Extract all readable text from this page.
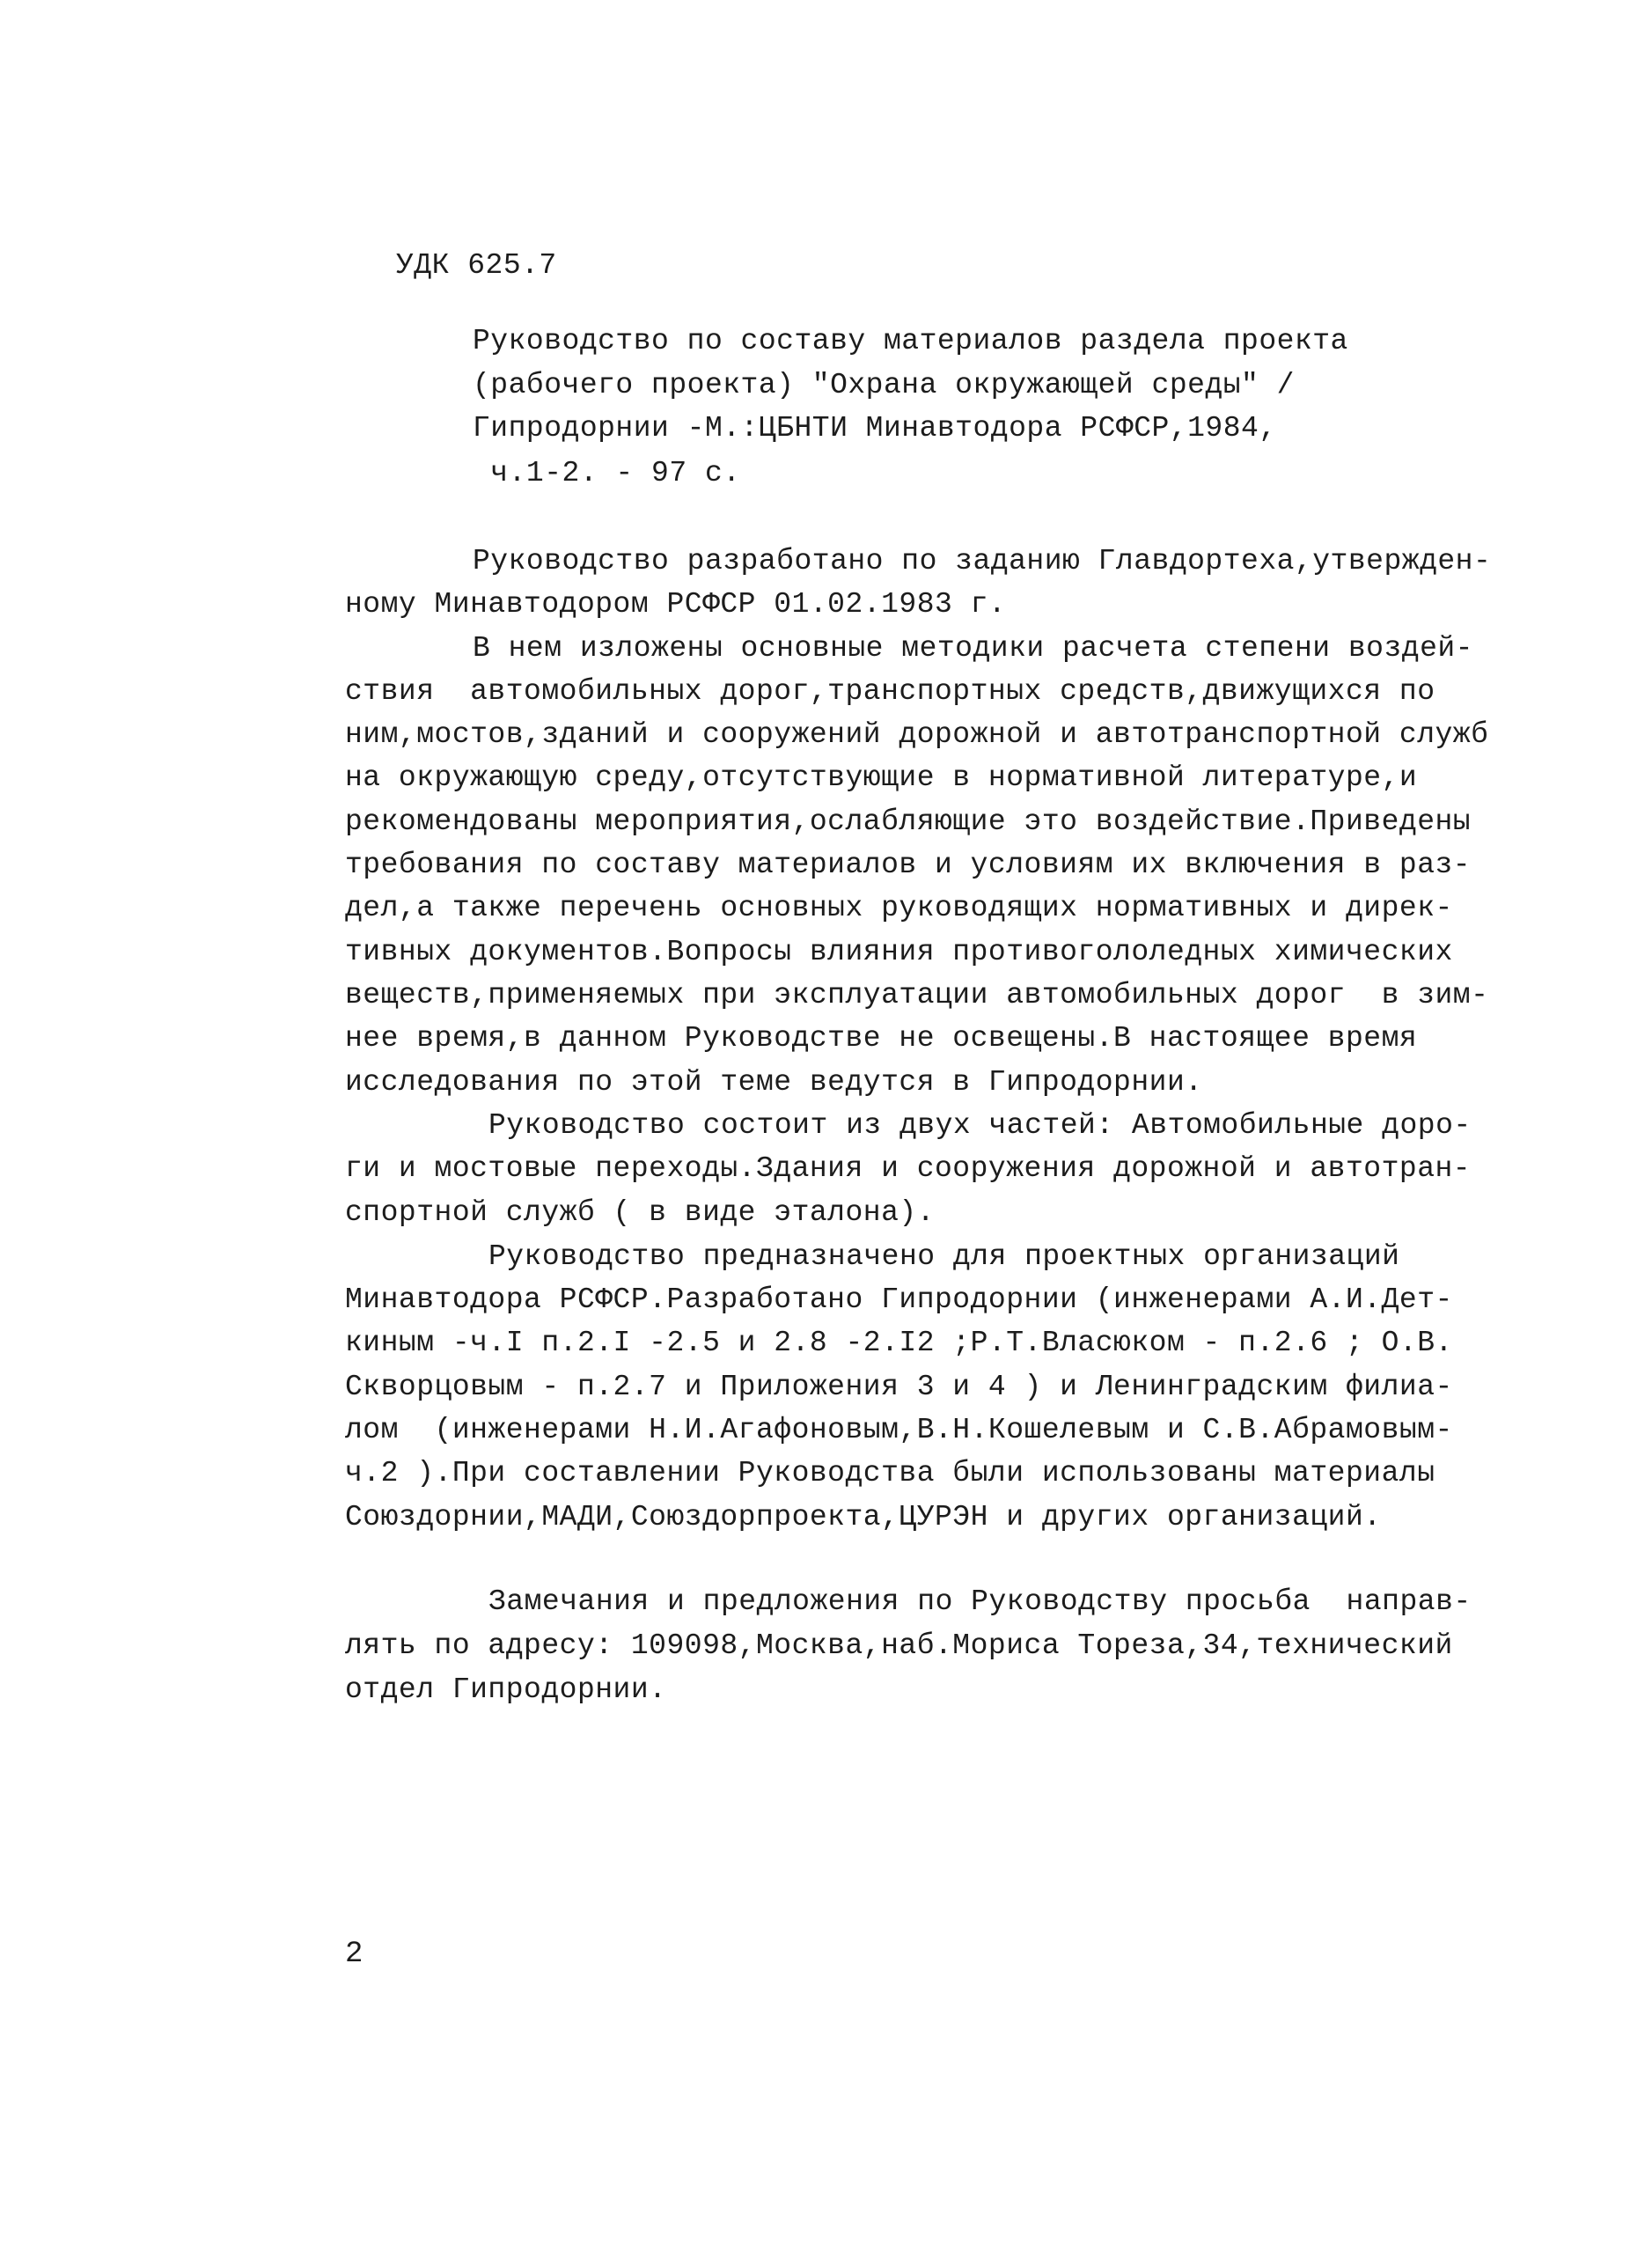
УДК 625.7
Руководство по составу материалов раздела проекта
(рабочего проекта) "Охрана окружающей среды" /
Гипродорнии -М.:ЦБНТИ Минавтодора РСФСР,1984,
ч.1-2. - 97 с.
Руководство разработано по заданию Главдортеха,утвержден-
ному Минавтодором РСФСР 01.02.1983 г.
В нем изложены основные методики расчета степени воздей-
ствия  автомобильных дорог,транспортных средств,движущихся по
ним,мостов,зданий и сооружений дорожной и автотранспортной служб
на окружающую среду,отсутствующие в нормативной литературе,и
рекомендованы мероприятия,ослабляющие это воздействие.Приведены
требования по составу материалов и условиям их включения в раз-
дел,а также перечень основных руководящих нормативных и дирек-
тивных документов.Вопросы влияния противогололедных химических
веществ,применяемых при эксплуатации автомобильных дорог  в зим-
нее время,в данном Руководстве не освещены.В настоящее время
исследования по этой теме ведутся в Гипродорнии.
Руководство состоит из двух частей: Автомобильные доро-
ги и мостовые переходы.Здания и сооружения дорожной и автотран-
спортной служб ( в виде эталона).
Руководство предназначено для проектных организаций
Минавтодора РСФСР.Разработано Гипродорнии (инженерами А.И.Дет-
киным -ч.I п.2.I -2.5 и 2.8 -2.I2 ;Р.Т.Власюком - п.2.6 ; О.В.
Скворцовым - п.2.7 и Приложения 3 и 4 ) и Ленинградским филиа-
лом  (инженерами Н.И.Агафоновым,В.Н.Кошелевым и С.В.Абрамовым-
ч.2 ).При составлении Руководства были использованы материалы
Союздорнии,МАДИ,Союздорпроекта,ЦУРЭН и других организаций.
Замечания и предложения по Руководству просьба  направ-
лять по адресу: 109098,Москва,наб.Мориса Тореза,34,технический
отдел Гипродорнии.
2
